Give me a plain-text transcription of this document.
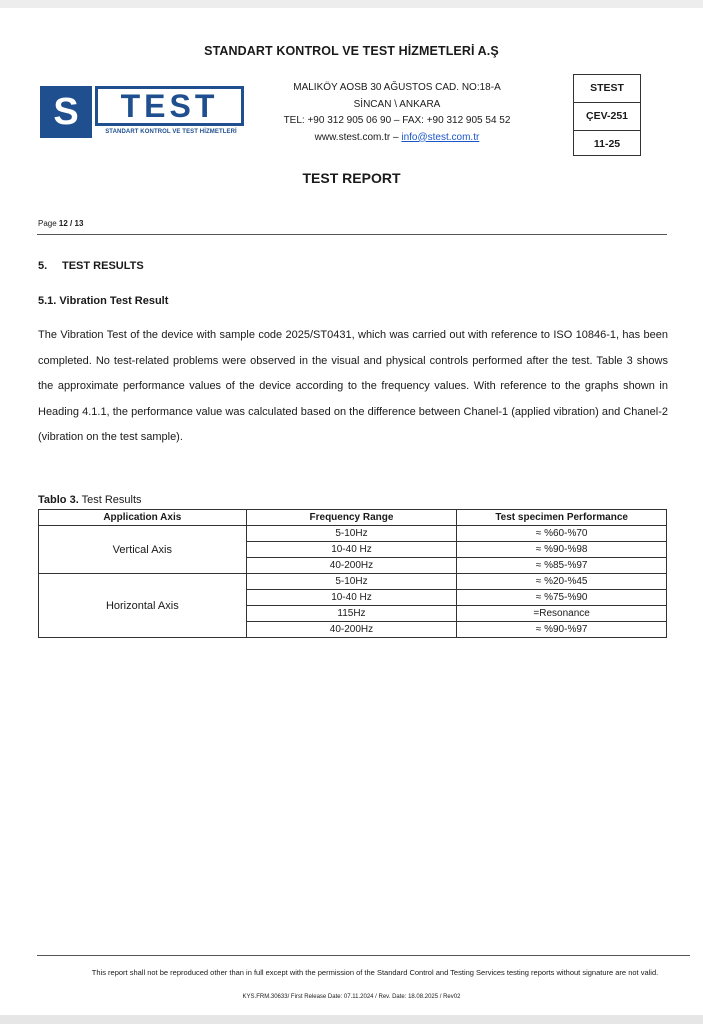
STANDART KONTROL VE TEST HİZMETLERİ A.Ş
S	TEST
STANDART KONTROL VE TEST HİZMETLERİ
MALIKÖY AOSB 30 AĞUSTOS CAD. NO:18-A
SİNCAN \ ANKARA
TEL: +90 312 905 06 90 – FAX: +90 312 905 54 52
www.stest.com.tr – info@stest.com.tr
STEST
ÇEV-251
11-25
TEST REPORT
Page 12 / 13
5. TEST RESULTS
5.1. Vibration Test Result
The Vibration Test of the device with sample code 2025/ST0431, which was carried out with reference to ISO 10846-1, has been completed. No test-related problems were observed in the visual and physical controls performed after the test. Table 3 shows the approximate performance values of the device according to the frequency values. With reference to the graphs shown in Heading 4.1.1, the performance value was calculated based on the difference between Chanel-1 (applied vibration) and Chanel-2 (vibration on the test sample).
Tablo 3. Test Results
Application Axis	Frequency Range	Test specimen Performance
Vertical Axis	5-10Hz	≈ %60-%70
	10-40 Hz	≈ %90-%98
	40-200Hz	≈ %85-%97
Horizontal Axis	5-10Hz	≈ %20-%45
	10-40 Hz	≈ %75-%90
	115Hz	=Resonance
	40-200Hz	≈ %90-%97
This report shall not be reproduced other than in full except with the permission of the Standard Control and Testing Services testing reports without signature are not valid.
KYS.FRM.30633/ First Release Date: 07.11.2024 / Rev. Date: 18.08.2025 / Rev02
